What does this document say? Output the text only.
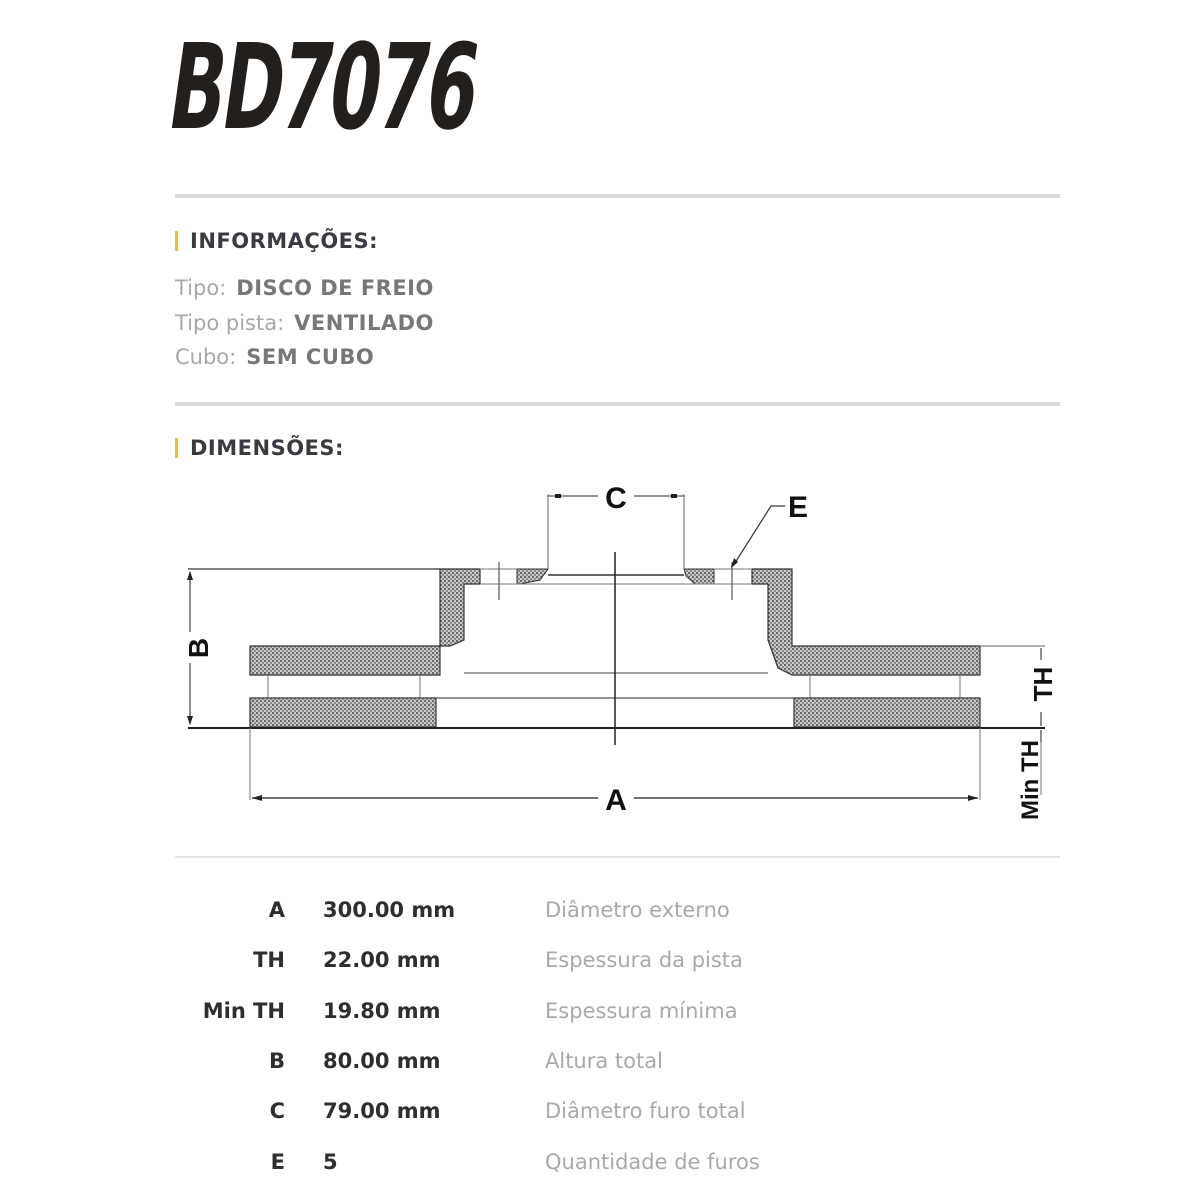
BD7076
INFORMAÇÕES:
Tipo: DISCO DE FREIO
Tipo pista: VENTILADO
Cubo: SEM CUBO
DIMENSÕES:
C	E
B
A
TH
Min TH
A 300.00 mm	Diâmetro externo
TH 22.00 mm	Espessura da pista
Min TH 19.80 mm	Espessura mínima
B 80.00 mm	Altura total
C 79.00 mm	Diâmetro furo total
E 5	Quantidade de furos
